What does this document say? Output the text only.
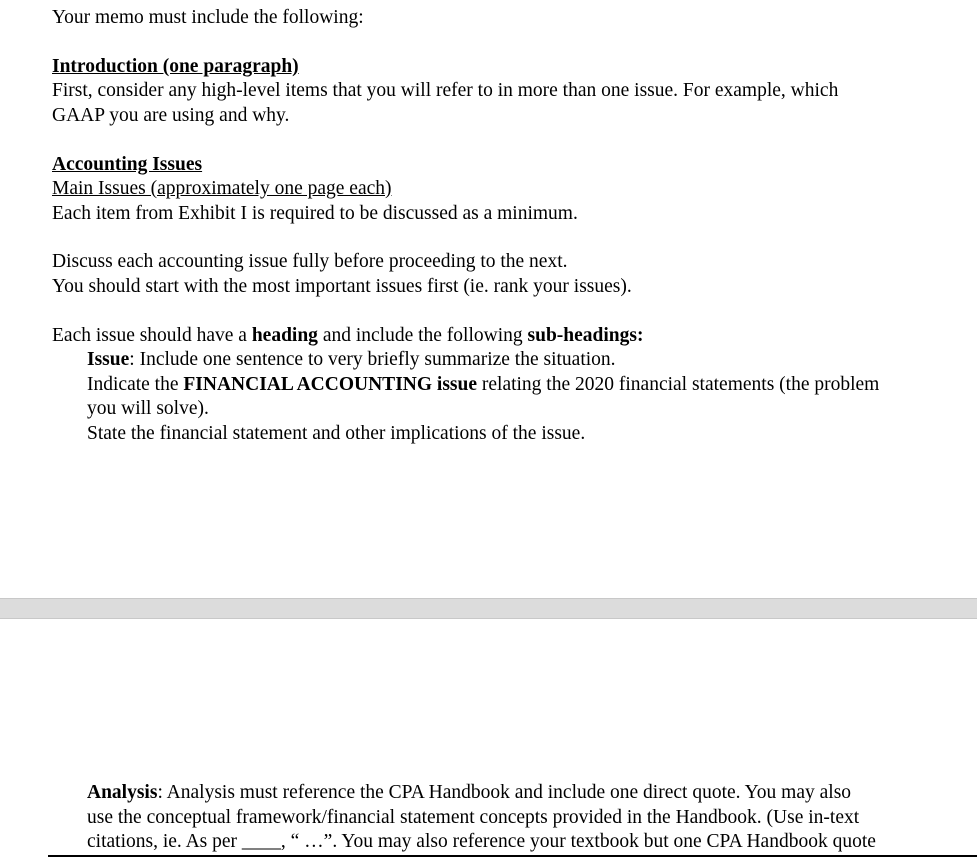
Your memo must include the following:
Introduction (one paragraph)
First, consider any high-level items that you will refer to in more than one issue. For example, which
GAAP you are using and why.
Accounting Issues
Main Issues (approximately one page each)
Each item from Exhibit I is required to be discussed as a minimum.
Discuss each accounting issue fully before proceeding to the next.
You should start with the most important issues first (ie. rank your issues).
Each issue should have a heading and include the following sub-headings:
Issue: Include one sentence to very briefly summarize the situation.
Indicate the FINANCIAL ACCOUNTING issue relating the 2020 financial statements (the problem
you will solve).
State the financial statement and other implications of the issue.
Analysis: Analysis must reference the CPA Handbook and include one direct quote. You may also
use the conceptual framework/financial statement concepts provided in the Handbook. (Use in-text
citations, ie. As per ____, “ …”. You may also reference your textbook but one CPA Handbook quote
